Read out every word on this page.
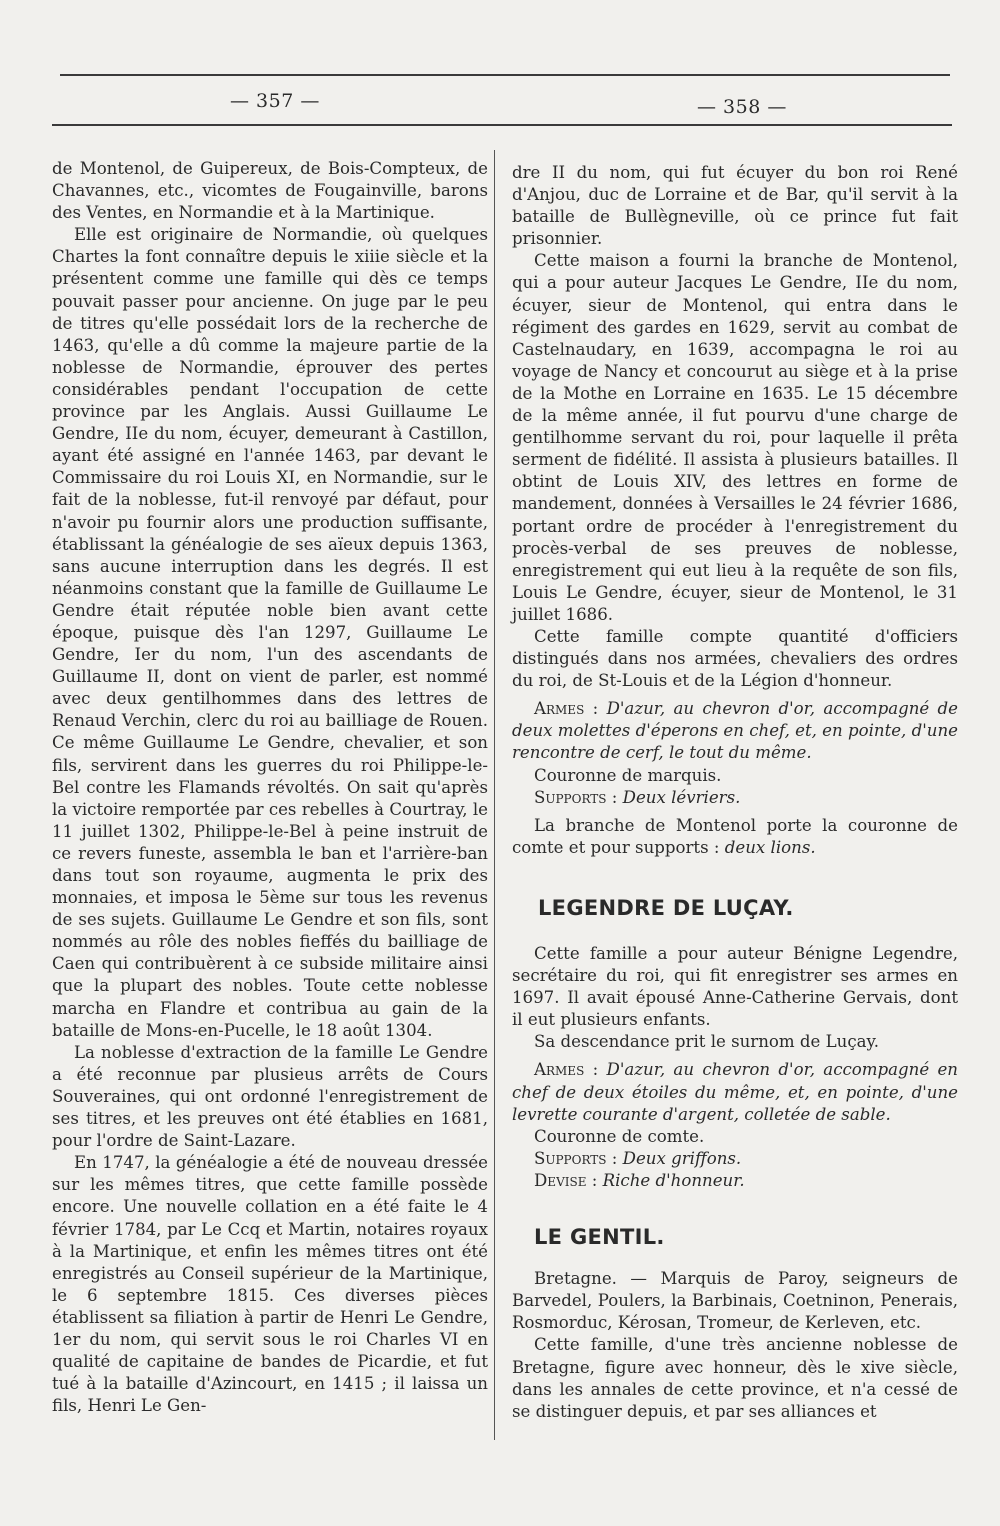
— 357 —	— 358 —

de Montenol, de Guipereux, de Bois-Compteux, de Chavannes, etc., vicomtes de Fougainville, barons des Ventes, en Normandie et à la Martinique.

Elle est originaire de Normandie, où quelques Chartes la font connaître depuis le xiiie siècle et la présentent comme une famille qui dès ce temps pouvait passer pour ancienne. On juge par le peu de titres qu'elle possédait lors de la recherche de 1463, qu'elle a dû comme la majeure partie de la noblesse de Normandie, éprouver des pertes considérables pendant l'occupation de cette province par les Anglais. Aussi Guillaume Le Gendre, IIe du nom, écuyer, demeurant à Castillon, ayant été assigné en l'année 1463, par devant le Commissaire du roi Louis XI, en Normandie, sur le fait de la noblesse, fut-il renvoyé par défaut, pour n'avoir pu fournir alors une production suffisante, établissant la généalogie de ses aïeux depuis 1363, sans aucune interruption dans les degrés. Il est néanmoins constant que la famille de Guillaume Le Gendre était réputée noble bien avant cette époque, puisque dès l'an 1297, Guillaume Le Gendre, Ier du nom, l'un des ascendants de Guillaume II, dont on vient de parler, est nommé avec deux gentilhommes dans des lettres de Renaud Verchin, clerc du roi au bailliage de Rouen. Ce même Guillaume Le Gendre, chevalier, et son fils, servirent dans les guerres du roi Philippe-le-Bel contre les Flamands révoltés. On sait qu'après la victoire remportée par ces rebelles à Courtray, le 11 juillet 1302, Philippe-le-Bel à peine instruit de ce revers funeste, assembla le ban et l'arrière-ban dans tout son royaume, augmenta le prix des monnaies, et imposa le 5ème sur tous les revenus de ses sujets. Guillaume Le Gendre et son fils, sont nommés au rôle des nobles fieffés du bailliage de Caen qui contribuèrent à ce subside militaire ainsi que la plupart des nobles. Toute cette noblesse marcha en Flandre et contribua au gain de la bataille de Mons-en-Pucelle, le 18 août 1304.

La noblesse d'extraction de la famille Le Gendre a été reconnue par plusieus arrêts de Cours Souveraines, qui ont ordonné l'enregistrement de ses titres, et les preuves ont été établies en 1681, pour l'ordre de Saint-Lazare.

En 1747, la généalogie a été de nouveau dressée sur les mêmes titres, que cette famille possède encore. Une nouvelle collation en a été faite le 4 février 1784, par Le Ccq et Martin, notaires royaux à la Martinique, et enfin les mêmes titres ont été enregistrés au Conseil supérieur de la Martinique, le 6 septembre 1815. Ces diverses pièces établissent sa filiation à partir de Henri Le Gendre, 1er du nom, qui servit sous le roi Charles VI en qualité de capitaine de bandes de Picardie, et fut tué à la bataille d'Azincourt, en 1415 ; il laissa un fils, Henri Le Gen-

dre II du nom, qui fut écuyer du bon roi René d'Anjou, duc de Lorraine et de Bar, qu'il servit à la bataille de Bullègneville, où ce prince fut fait prisonnier.

Cette maison a fourni la branche de Montenol, qui a pour auteur Jacques Le Gendre, IIe du nom, écuyer, sieur de Montenol, qui entra dans le régiment des gardes en 1629, servit au combat de Castelnaudary, en 1639, accompagna le roi au voyage de Nancy et concourut au siège et à la prise de la Mothe en Lorraine en 1635. Le 15 décembre de la même année, il fut pourvu d'une charge de gentilhomme servant du roi, pour laquelle il prêta serment de fidélité. Il assista à plusieurs batailles. Il obtint de Louis XIV, des lettres en forme de mandement, données à Versailles le 24 février 1686, portant ordre de procéder à l'enregistrement du procès-verbal de ses preuves de noblesse, enregistrement qui eut lieu à la requête de son fils, Louis Le Gendre, écuyer, sieur de Montenol, le 31 juillet 1686.

Cette famille compte quantité d'officiers distingués dans nos armées, chevaliers des ordres du roi, de St-Louis et de la Légion d'honneur.

Armes : D'azur, au chevron d'or, accompagné de deux molettes d'éperons en chef, et, en pointe, d'une rencontre de cerf, le tout du même.

Couronne de marquis.

Supports : Deux lévriers.

La branche de Montenol porte la couronne de comte et pour supports : deux lions.

LEGENDRE DE LUÇAY.

Cette famille a pour auteur Bénigne Legendre, secrétaire du roi, qui fit enregistrer ses armes en 1697. Il avait épousé Anne-Catherine Gervais, dont il eut plusieurs enfants.

Sa descendance prit le surnom de Luçay.

Armes : D'azur, au chevron d'or, accompagné en chef de deux étoiles du même, et, en pointe, d'une levrette courante d'argent, colletée de sable.

Couronne de comte.

Supports : Deux griffons.

Devise : Riche d'honneur.

LE GENTIL.

Bretagne. — Marquis de Paroy, seigneurs de Barvedel, Poulers, la Barbinais, Coetninon, Penerais, Rosmorduc, Kérosan, Tromeur, de Kerleven, etc.

Cette famille, d'une très ancienne noblesse de Bretagne, figure avec honneur, dès le xive siècle, dans les annales de cette province, et n'a cessé de se distinguer depuis, et par ses alliances et
